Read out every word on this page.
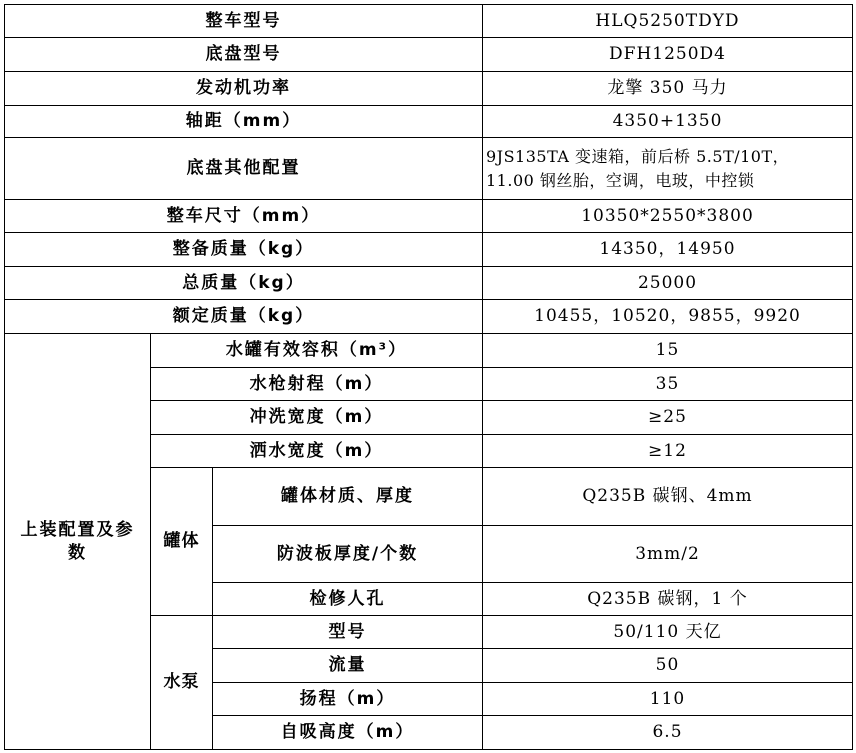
整车型号			HLQ5250TDYD
底盘型号			DFH1250D4
发动机功率			龙擎 350 马力
轴距（mm）			4350+1350
底盘其他配置			9JS135TA 变速箱，前后桥 5.5T/10T，
11.00 钢丝胎，空调，电玻，中控锁

整车尺寸（mm）			10350*2550*3800
整备质量（kg）			14350，14950
总质量（kg）			25000
额定质量（kg）			10455，10520，9855，9920
上装配置及参数	水罐有效容积（m³）		15
	水枪射程（m）		35
	冲洗宽度（m）		≥25
	洒水宽度（m）		≥12
	罐体	罐体材质、厚度	Q235B 碳钢、4mm
		防波板厚度/个数	3mm/2
		检修人孔	Q235B 碳钢，1 个
	水泵	型号	50/110 天亿
		流量	50
		扬程（m）	110
		自吸高度（m）	6.5
